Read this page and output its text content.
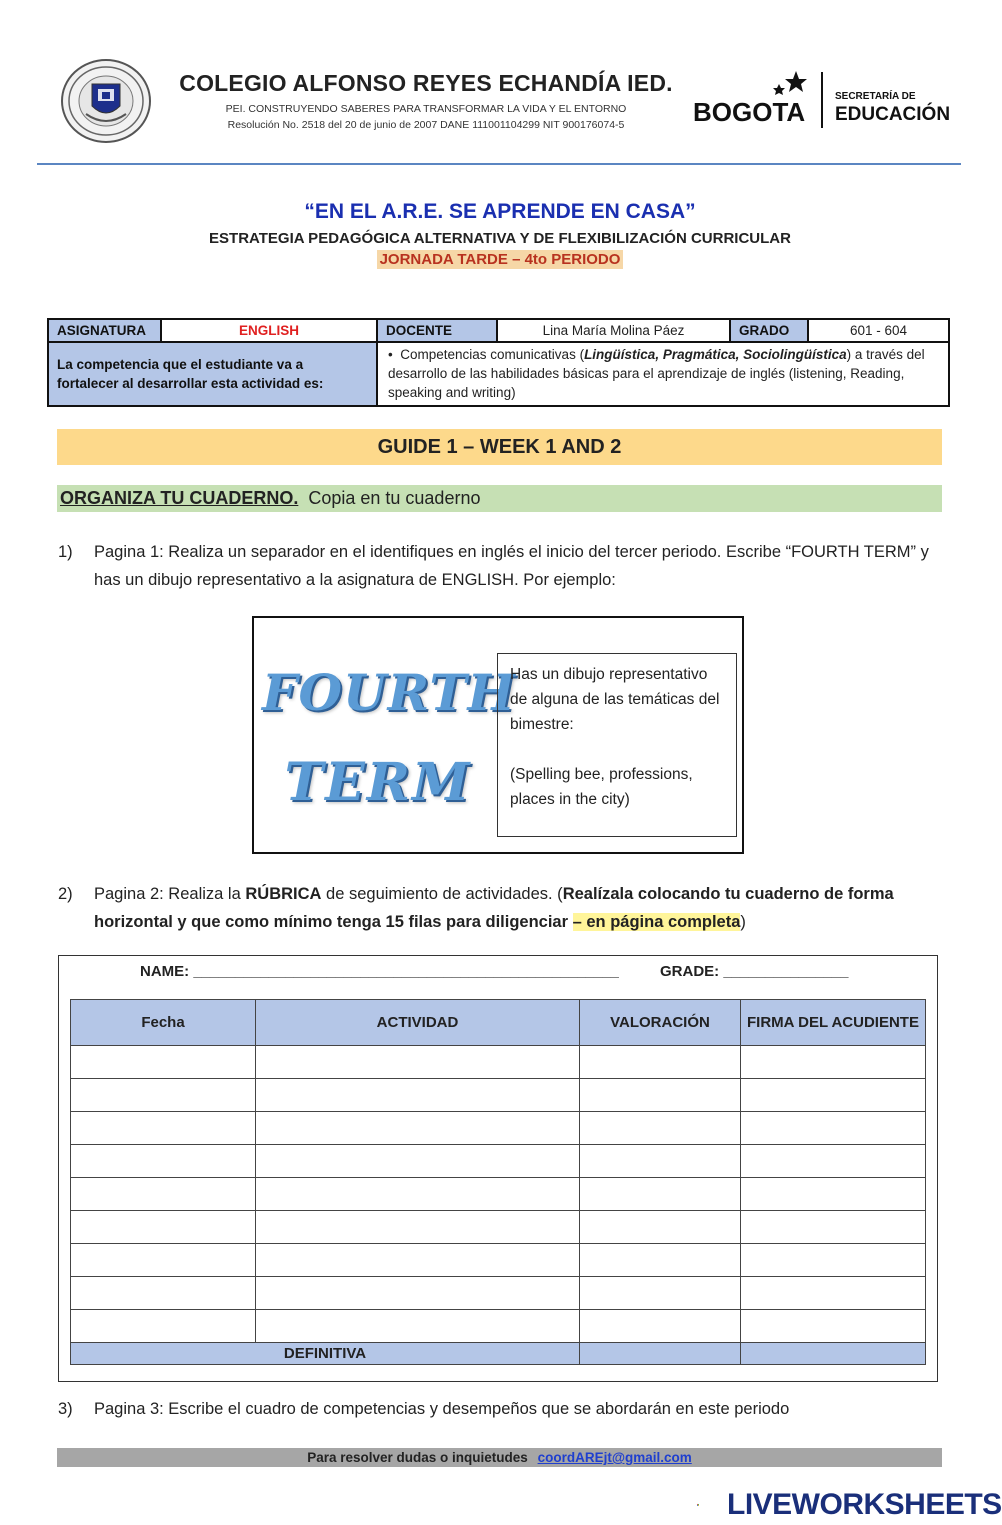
COLEGIO ALFONSO REYES ECHANDÍA IED.
PEI. CONSTRUYENDO SABERES PARA TRANSFORMAR LA VIDA Y EL ENTORNO
Resolución No. 2518 del 20 de junio de 2007 DANE 111001104299 NIT 900176074-5	BOGOTA
SECRETARÍA DE
EDUCACIÓN
“EN EL A.R.E. SE APRENDE EN CASA”
ESTRATEGIA PEDAGÓGICA ALTERNATIVA Y DE FLEXIBILIZACIÓN CURRICULAR
JORNADA TARDE – 4to PERIODO
ASIGNATURA	ENGLISH	DOCENTE	Lina María Molina Páez	GRADO	601 - 604
La competencia que el estudiante va a fortalecer al desarrollar esta actividad es:		•  Competencias comunicativas (Lingüística, Pragmática, Sociolingüística) a través del desarrollo de las habilidades básicas para el aprendizaje de inglés (listening, Reading, speaking and writing)			
GUIDE 1 – WEEK 1 AND 2
ORGANIZA TU CUADERNO. Copia en tu cuaderno
1) Pagina 1: Realiza un separador en el identifiques en inglés el inicio del tercer periodo. Escribe “FOURTH TERM” y has un dibujo representativo a la asignatura de ENGLISH. Por ejemplo:
FOURTH
TERM
Has un dibujo representativo de alguna de las temáticas del bimestre:
(Spelling bee, professions, places in the city)
2) Pagina 2: Realiza la RÚBRICA de seguimiento de actividades. (Realízala colocando tu cuaderno de forma horizontal y que como mínimo tenga 15 filas para diligenciar – en página completa)
NAME: ___________________________________________________	GRADE: _______________
Fecha	ACTIVIDAD	VALORACIÓN	FIRMA DEL ACUDIENTE

DEFINITIVA			
3) Pagina 3: Escribe el cuadro de competencias y desempeños que se abordarán en este periodo
Para resolver dudas o inquietudes coordAREjt@gmail.com
LIVEWORKSHEETS
